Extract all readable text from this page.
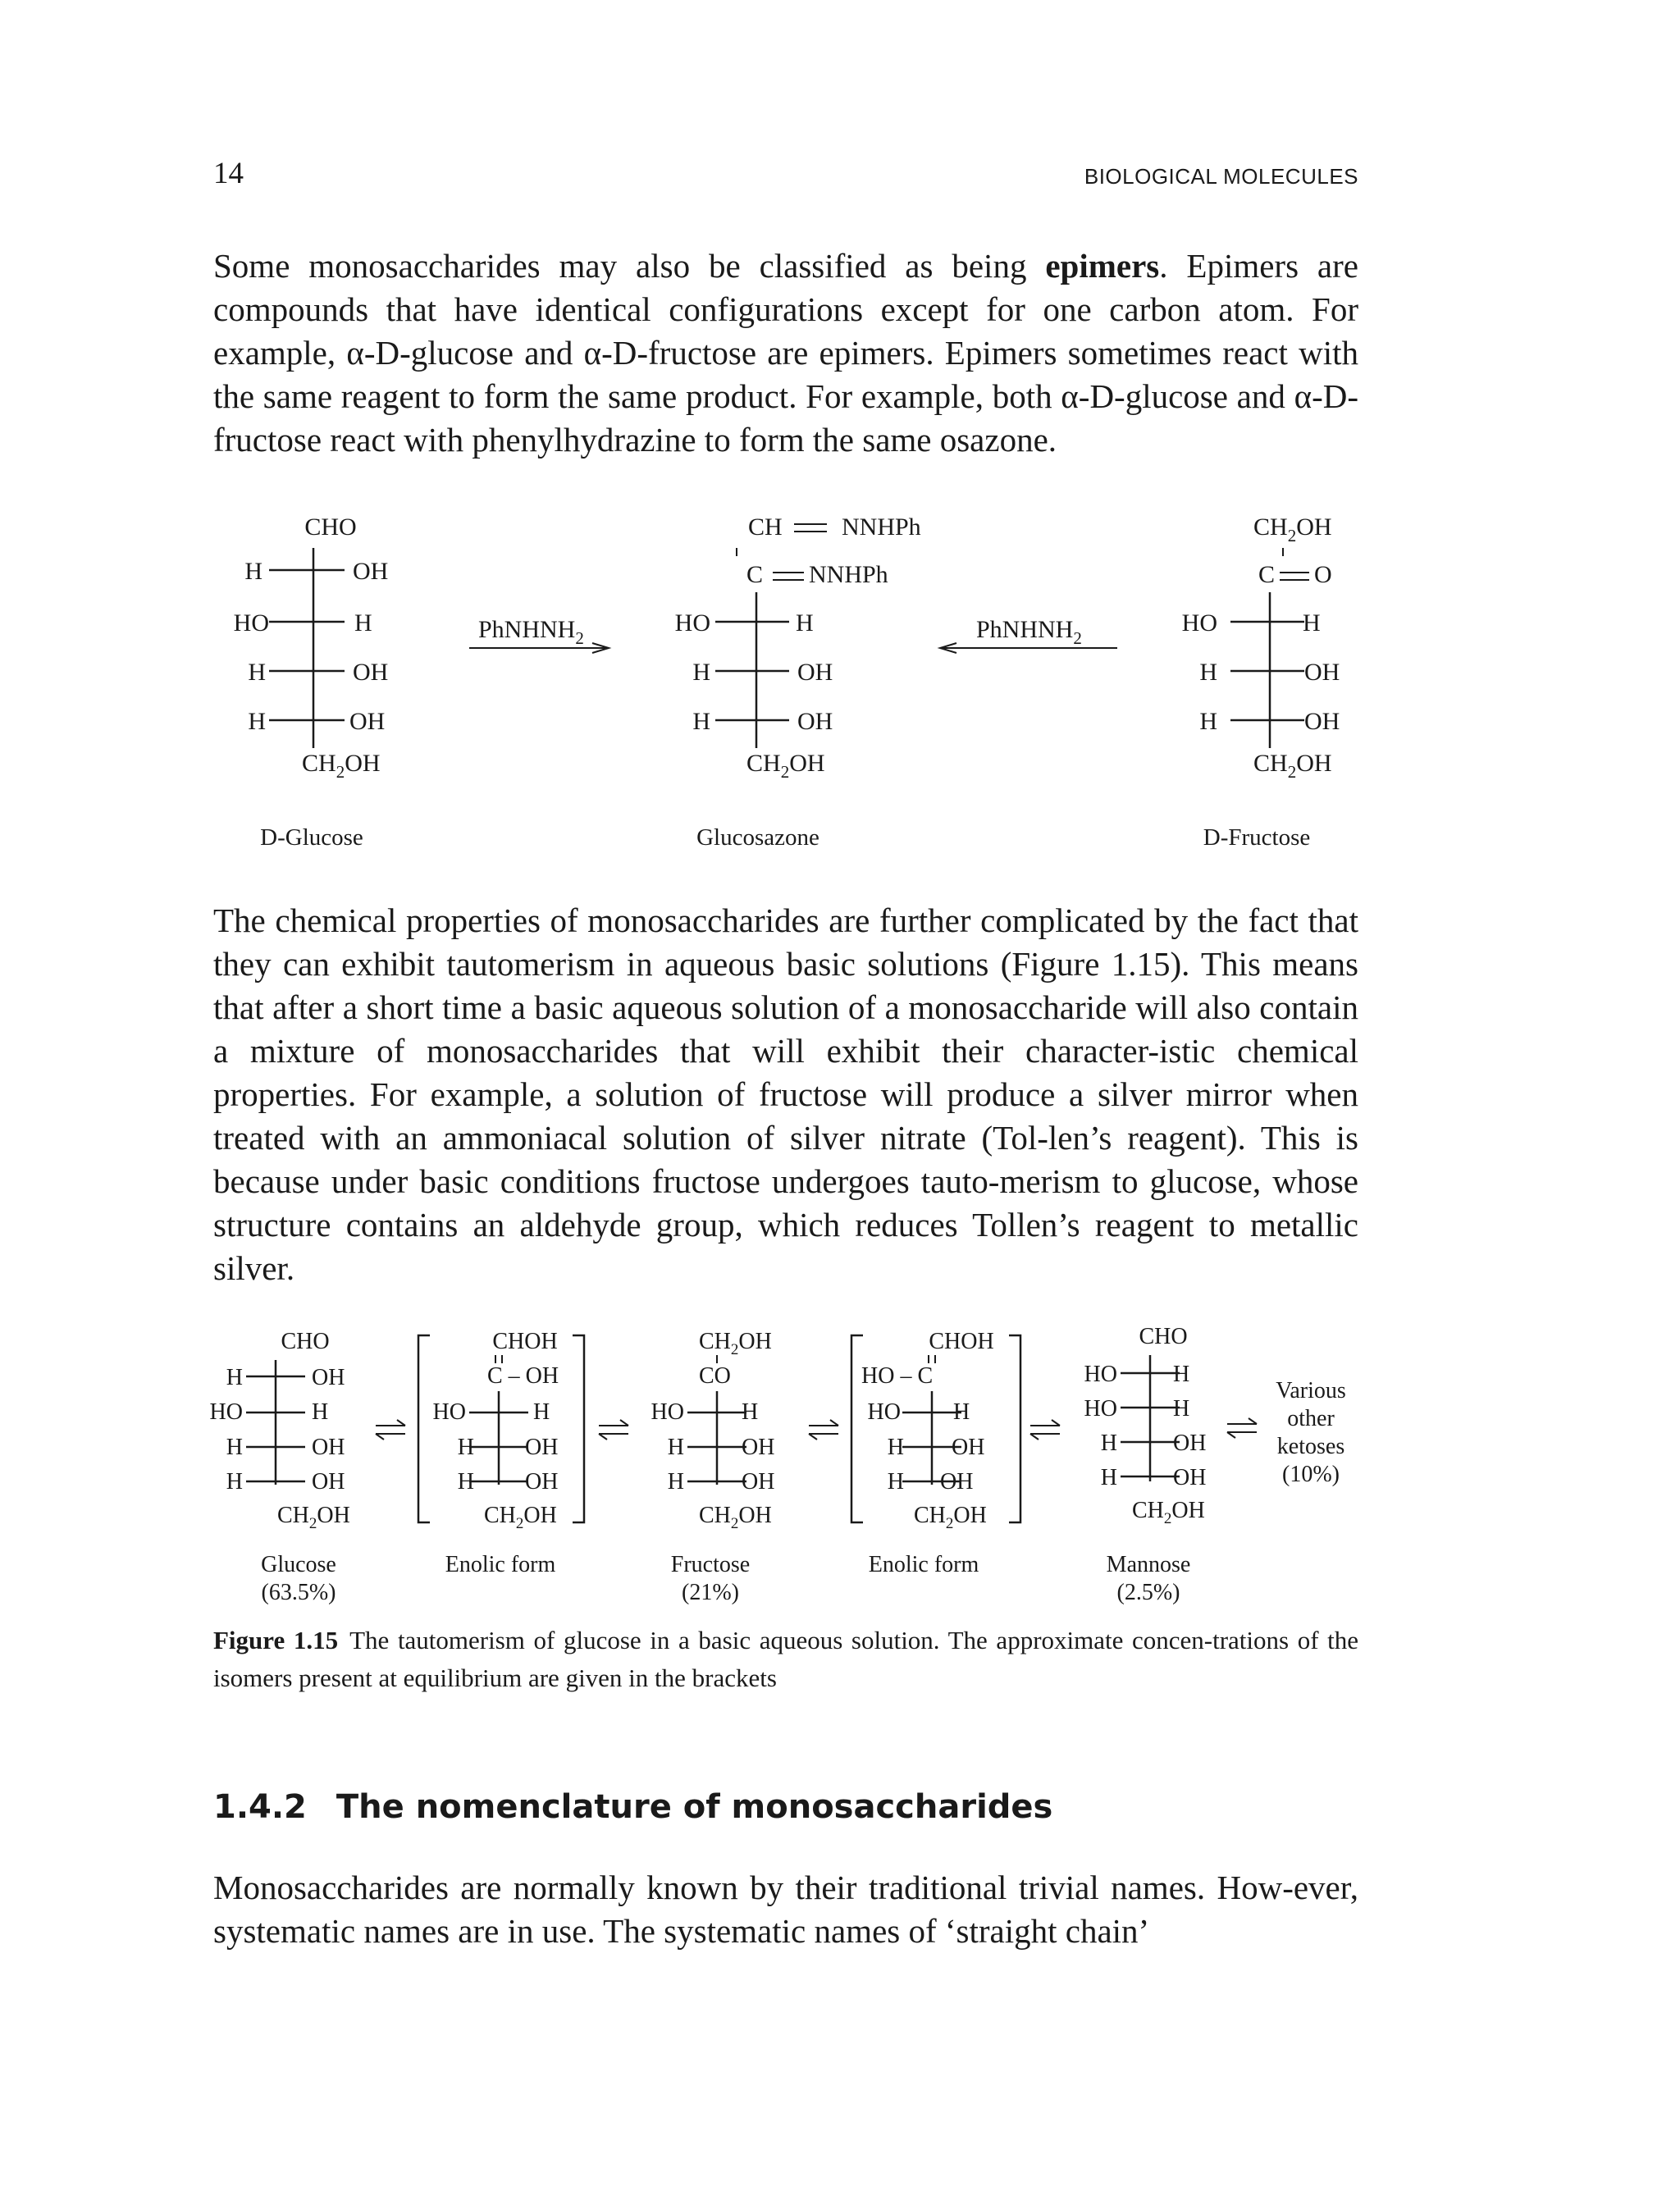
14	BIOLOGICAL MOLECULES

Some monosaccharides may also be classified as being epimers. Epimers are compounds that have identical configurations except for one carbon atom. For example, α-D-glucose and α-D-fructose are epimers. Epimers sometimes react with the same reagent to form the same product. For example, both α-D-glucose and α-D-fructose react with phenylhydrazine to form the same osazone.

CHO
H	OH
HO	H
H	OH
H	OH
$CH_2OH$
D-Glucose
PhNHNH$_2$
CH NNHPh
C NNHPh
HO	H
H	OH
H	OH
$CH_2OH$
Glucosazone
PhNHNH$_2$
$CH_2OH$
C O
HO	H
H	OH
H	OH
$CH_2OH$
D-Fructose

The chemical properties of monosaccharides are further complicated by the fact that they can exhibit tautomerism in aqueous basic solutions (Figure 1.15). This means that after a short time a basic aqueous solution of a monosaccharide will also contain a mixture of monosaccharides that will exhibit their character-istic chemical properties. For example, a solution of fructose will produce a silver mirror when treated with an ammoniacal solution of silver nitrate (Tol-len’s reagent). This is because under basic conditions fructose undergoes tauto-merism to glucose, whose structure contains an aldehyde group, which reduces Tollen’s reagent to metallic silver.

CHO
H	OH
HO	H
H	OH
H	OH
$CH_2OH$
Glucose
(63.5%)
CHOH
C – OH
HO	H
H OH
H OH
$CH_2OH$
Enolic form
$CH_2OH$
CO
HO	H
H	OH
H	OH
$CH_2OH$
Fructose
(21%)
CHOH
HO – C
HO H
H OH
H OH
$CH_2OH$
Enolic form
CHO
HO H
HO H
H OH
H OH
$CH_2OH$
Mannose
(2.5%)
Various
other
ketoses
(10%)
Figure 1.15 The tautomerism of glucose in a basic aqueous solution. The approximate concen-trations of the isomers present at equilibrium are given in the brackets
1.4.2 The nomenclature of monosaccharides

Monosaccharides are normally known by their traditional trivial names. How-ever, systematic names are in use. The systematic names of ‘straight chain’
